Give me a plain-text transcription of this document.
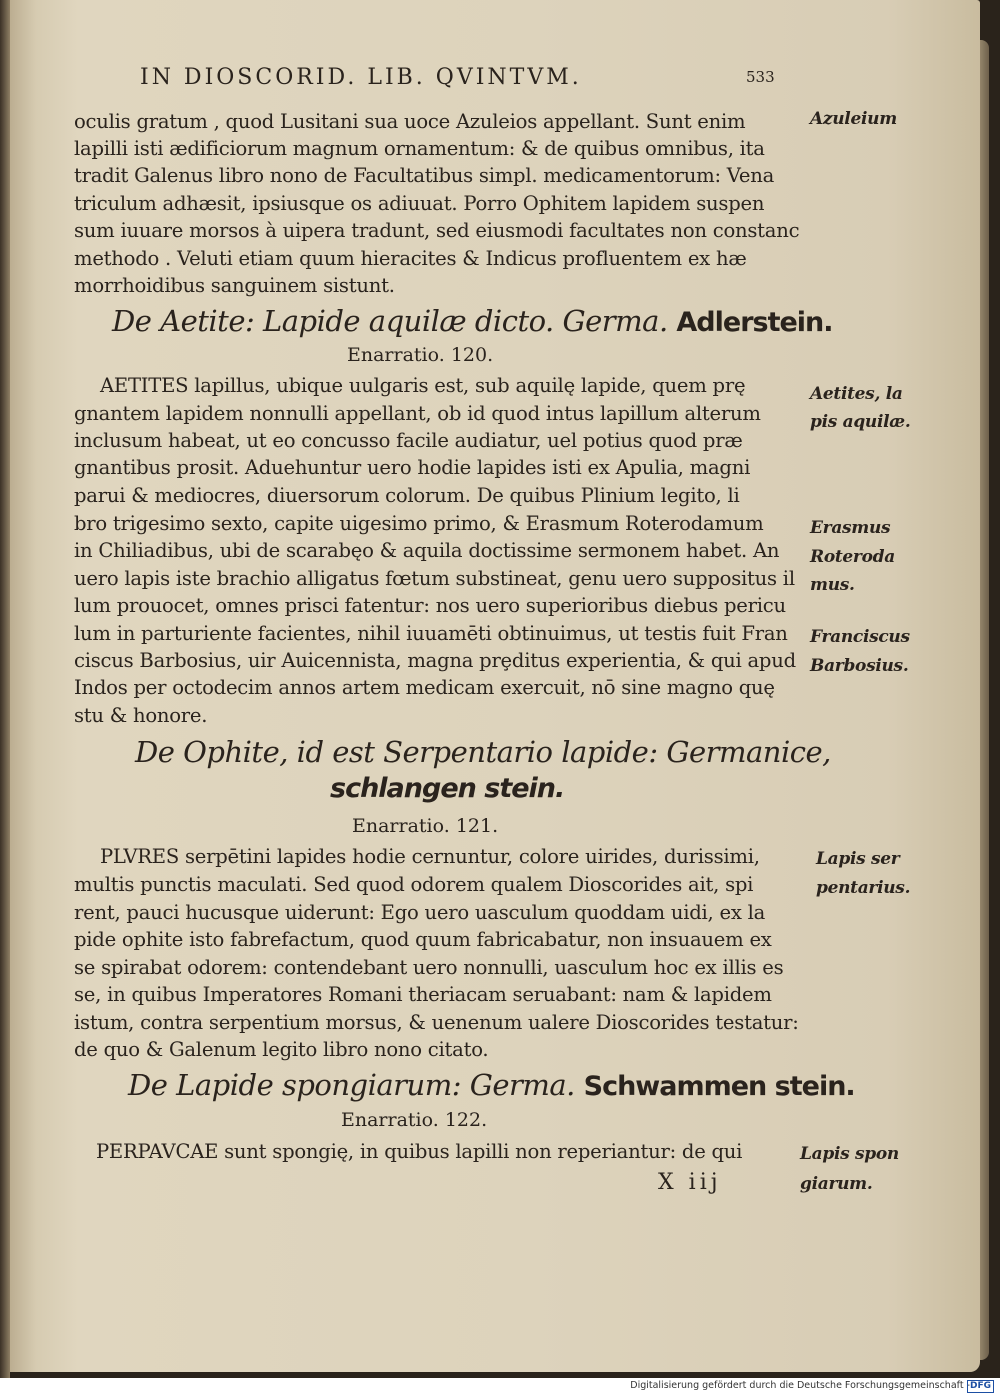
IN DIOSCORID. LIB. QVINTVM.	533
oculis gratum , quod Lusitani sua uoce Azuleios appellant. Sunt enim
lapilli isti ædificiorum magnum ornamentum: & de quibus omnibus, ita
tradit Galenus libro nono de Facultatibus simpl. medicamentorum: Vena
triculum adhæsit, ipsiusque os adiuuat. Porro Ophitem lapidem suspen
sum iuuare morsos à uipera tradunt, sed eiusmodi facultates non constanc
methodo . Veluti etiam quum hieracites & Indicus profluentem ex hæ
morrhoidibus sanguinem sistunt.
De Aetite: Lapide aquilæ dicto. Germa. Adlerstein.
Enarratio. 120.
AETITES lapillus, ubique uulgaris est, sub aquilę lapide, quem prę
gnantem lapidem nonnulli appellant, ob id quod intus lapillum alterum
inclusum habeat, ut eo concusso facile audiatur, uel potius quod præ
gnantibus prosit. Aduehuntur uero hodie lapides isti ex Apulia, magni
parui & mediocres, diuersorum colorum. De quibus Plinium legito, li
bro trigesimo sexto, capite uigesimo primo, & Erasmum Roterodamum
in Chiliadibus, ubi de scarabęo & aquila doctissime sermonem habet. An
uero lapis iste brachio alligatus fœtum substineat, genu uero suppositus il
lum prouocet, omnes prisci fatentur: nos uero superioribus diebus pericu
lum in parturiente facientes, nihil iuuamēti obtinuimus, ut testis fuit Fran
ciscus Barbosius, uir Auicennista, magna prȩditus experientia, & qui apud
Indos per octodecim annos artem medicam exercuit, nō sine magno quę
stu & honore.
De Ophite, id est Serpentario lapide: Germanice,
schlangen stein.
Enarratio. 121.
PLVRES serpētini lapides hodie cernuntur, colore uirides, durissimi,
multis punctis maculati. Sed quod odorem qualem Dioscorides ait, spi
rent, pauci hucusque uiderunt: Ego uero uasculum quoddam uidi, ex la
pide ophite isto fabrefactum, quod quum fabricabatur, non insuauem ex
se spirabat odorem: contendebant uero nonnulli, uasculum hoc ex illis es
se, in quibus Imperatores Romani theriacam seruabant: nam & lapidem
istum, contra serpentium morsus, & uenenum ualere Dioscorides testatur:
de quo & Galenum legito libro nono citato.
De Lapide spongiarum: Germa. Schwammen stein.
Enarratio. 122.
PERPAVCAE sunt spongię, in quibus lapilli non reperiantur: de qui
X iij
Azuleium
Aetites, la
pis aquilæ.
Erasmus
Roteroda
mus.
Franciscus
Barbosius.
Lapis ser
pentarius.
Lapis spon
giarum.
Digitalisierung gefördert durch die Deutsche Forschungsgemeinschaft - DFG
